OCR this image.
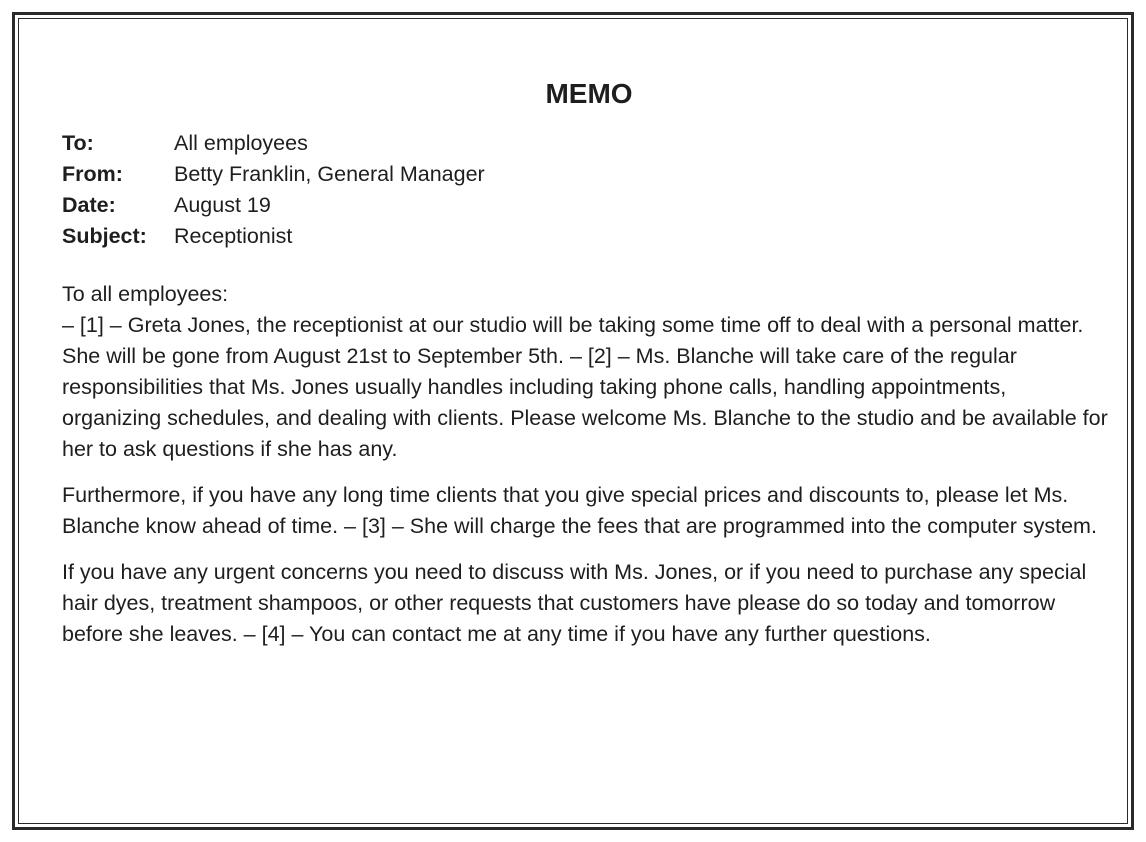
MEMO
To:	All employees
From:	Betty Franklin, General Manager
Date:	August 19
Subject:	Receptionist

To all employees:

– [1] – Greta Jones, the receptionist at our studio will be taking some time off to deal with a personal matter. She will be gone from August 21st to September 5th. – [2] – Ms. Blanche will take care of the regular responsibilities that Ms. Jones usually handles including taking phone calls, handling appointments, organizing schedules, and dealing with clients. Please welcome Ms. Blanche to the studio and be available for her to ask questions if she has any.

Furthermore, if you have any long time clients that you give special prices and discounts to, please let Ms. Blanche know ahead of time. – [3] – She will charge the fees that are programmed into the computer system.

If you have any urgent concerns you need to discuss with Ms. Jones, or if you need to purchase any special hair dyes, treatment shampoos, or other requests that customers have please do so today and tomorrow before she leaves. – [4] – You can contact me at any time if you have any further questions.
